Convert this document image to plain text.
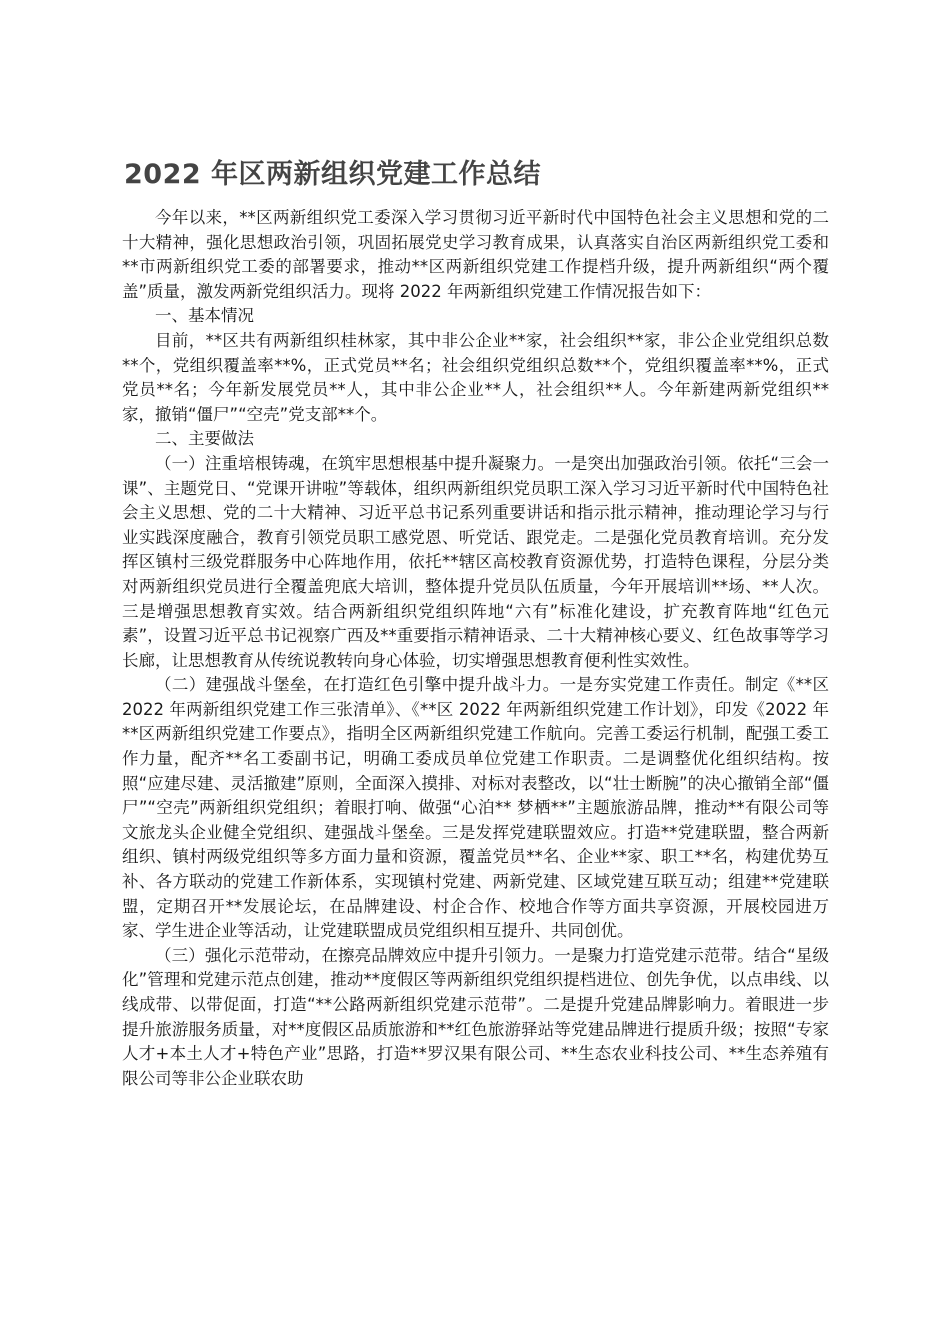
2022 年区两新组织党建工作总结

今年以来，**区两新组织党工委深入学习贯彻习近平新时代中国特色社会主义思想和党的二十大精神，强化思想政治引领，巩固拓展党史学习教育成果，认真落实自治区两新组织党工委和**市两新组织党工委的部署要求，推动**区两新组织党建工作提档升级，提升两新组织“两个覆盖”质量，激发两新党组织活力。现将 2022 年两新组织党建工作情况报告如下：

一、基本情况

目前，**区共有两新组织桂林家，其中非公企业**家，社会组织**家，非公企业党组织总数**个，党组织覆盖率**%，正式党员**名；社会组织党组织总数**个，党组织覆盖率**%，正式党员**名；今年新发展党员**人，其中非公企业**人，社会组织**人。今年新建两新党组织**家，撤销“僵尸”“空壳”党支部**个。

二、主要做法

（一）注重培根铸魂，在筑牢思想根基中提升凝聚力。一是突出加强政治引领。依托“三会一课”、主题党日、“党课开讲啦”等载体，组织两新组织党员职工深入学习习近平新时代中国特色社会主义思想、党的二十大精神、习近平总书记系列重要讲话和指示批示精神，推动理论学习与行业实践深度融合，教育引领党员职工感党恩、听党话、跟党走。二是强化党员教育培训。充分发挥区镇村三级党群服务中心阵地作用，依托**辖区高校教育资源优势，打造特色课程，分层分类对两新组织党员进行全覆盖兜底大培训，整体提升党员队伍质量，今年开展培训**场、**人次。三是增强思想教育实效。结合两新组织党组织阵地“六有”标准化建设，扩充教育阵地“红色元素”，设置习近平总书记视察广西及**重要指示精神语录、二十大精神核心要义、红色故事等学习长廊，让思想教育从传统说教转向身心体验，切实增强思想教育便利性实效性。

（二）建强战斗堡垒，在打造红色引擎中提升战斗力。一是夯实党建工作责任。制定《**区 2022 年两新组织党建工作三张清单》、《**区 2022 年两新组织党建工作计划》，印发《2022 年**区两新组织党建工作要点》，指明全区两新组织党建工作航向。完善工委运行机制，配强工委工作力量，配齐**名工委副书记，明确工委成员单位党建工作职责。二是调整优化组织结构。按照“应建尽建、灵活撤建”原则，全面深入摸排、对标对表整改，以“壮士断腕”的决心撤销全部“僵尸”“空壳”两新组织党组织；着眼打响、做强“心泊** 梦栖**”主题旅游品牌，推动**有限公司等文旅龙头企业健全党组织、建强战斗堡垒。三是发挥党建联盟效应。打造**党建联盟，整合两新组织、镇村两级党组织等多方面力量和资源，覆盖党员**名、企业**家、职工**名，构建优势互补、各方联动的党建工作新体系，实现镇村党建、两新党建、区域党建互联互动；组建**党建联盟，定期召开**发展论坛，在品牌建设、村企合作、校地合作等方面共享资源，开展校园进万家、学生进企业等活动，让党建联盟成员党组织相互提升、共同创优。

（三）强化示范带动，在擦亮品牌效应中提升引领力。一是聚力打造党建示范带。结合“星级化”管理和党建示范点创建，推动**度假区等两新组织党组织提档进位、创先争优，以点串线、以线成带、以带促面，打造“**公路两新组织党建示范带”。二是提升党建品牌影响力。着眼进一步提升旅游服务质量，对**度假区品质旅游和**红色旅游驿站等党建品牌进行提质升级；按照“专家人才+本土人才+特色产业”思路，打造**罗汉果有限公司、**生态农业科技公司、**生态养殖有限公司等非公企业联农助
